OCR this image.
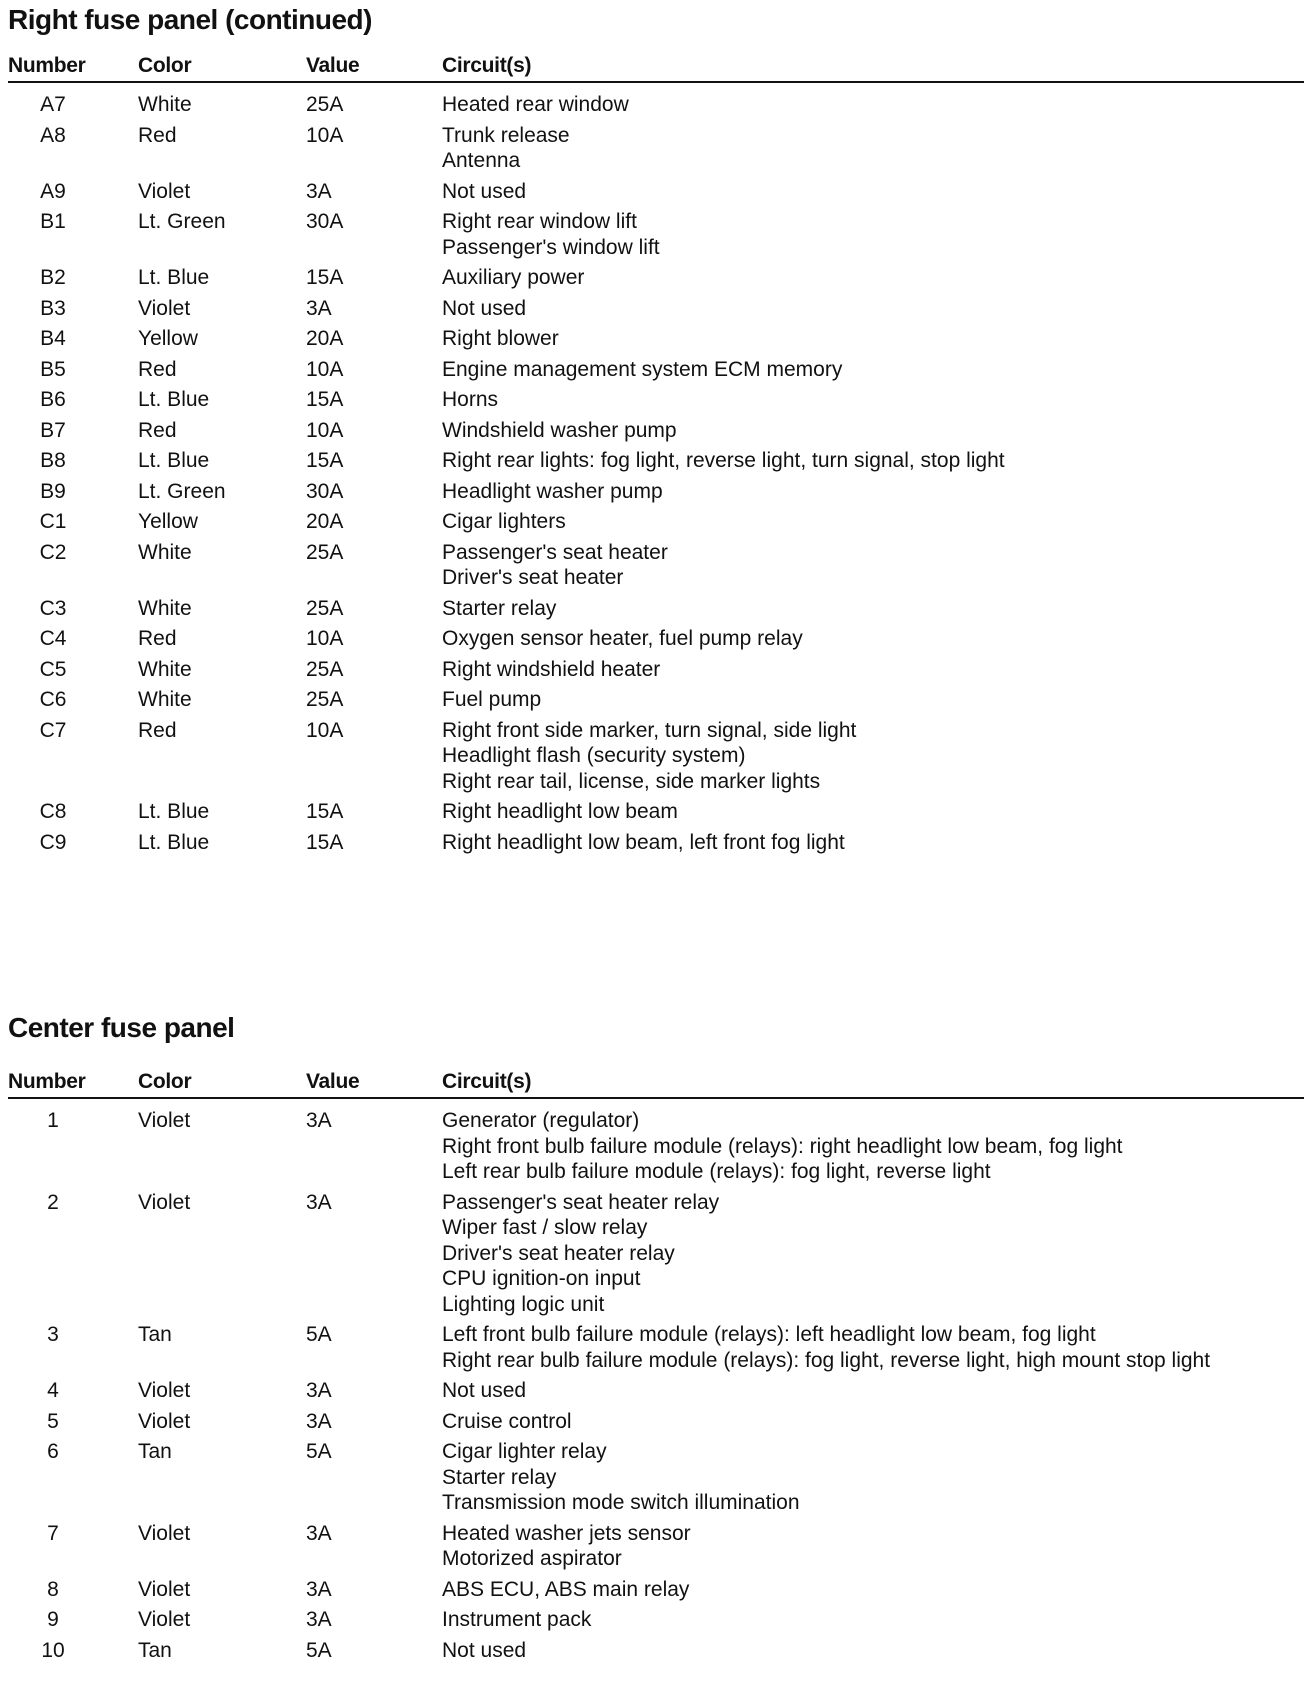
Right fuse panel (continued)
Number	Color	Value	Circuit(s)
A7	White	25A	Heated rear window
A8	Red	10A	Trunk release
Antenna
A9	Violet	3A	Not used
B1	Lt. Green	30A	Right rear window lift
Passenger's window lift
B2	Lt. Blue	15A	Auxiliary power
B3	Violet	3A	Not used
B4	Yellow	20A	Right blower
B5	Red	10A	Engine management system ECM memory
B6	Lt. Blue	15A	Horns
B7	Red	10A	Windshield washer pump
B8	Lt. Blue	15A	Right rear lights: fog light, reverse light, turn signal, stop light
B9	Lt. Green	30A	Headlight washer pump
C1	Yellow	20A	Cigar lighters
C2	White	25A	Passenger's seat heater
Driver's seat heater
C3	White	25A	Starter relay
C4	Red	10A	Oxygen sensor heater, fuel pump relay
C5	White	25A	Right windshield heater
C6	White	25A	Fuel pump
C7	Red	10A	Right front side marker, turn signal, side light
Headlight flash (security system)
Right rear tail, license, side marker lights
C8	Lt. Blue	15A	Right headlight low beam
C9	Lt. Blue	15A	Right headlight low beam, left front fog light
Center fuse panel
Number	Color	Value	Circuit(s)
1	Violet	3A	Generator (regulator)
Right front bulb failure module (relays): right headlight low beam, fog light
Left rear bulb failure module (relays): fog light, reverse light
2	Violet	3A	Passenger's seat heater relay
Wiper fast / slow relay
Driver's seat heater relay
CPU ignition-on input
Lighting logic unit
3	Tan	5A	Left front bulb failure module (relays): left headlight low beam, fog light
Right rear bulb failure module (relays): fog light, reverse light, high mount stop light
4	Violet	3A	Not used
5	Violet	3A	Cruise control
6	Tan	5A	Cigar lighter relay
Starter relay
Transmission mode switch illumination
7	Violet	3A	Heated washer jets sensor
Motorized aspirator
8	Violet	3A	ABS ECU, ABS main relay
9	Violet	3A	Instrument pack
10	Tan	5A	Not used
